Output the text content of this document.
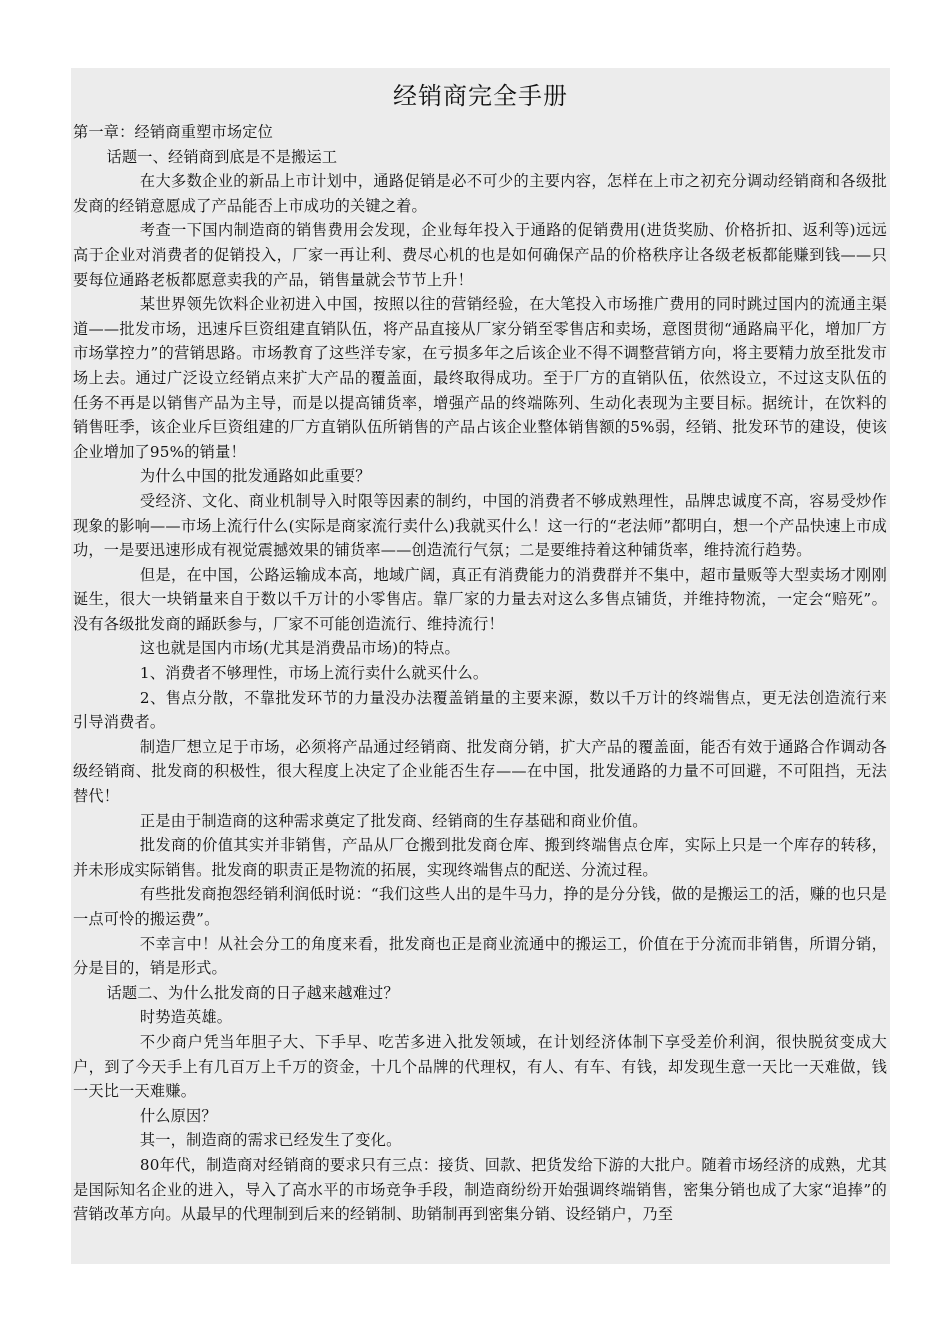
经销商完全手册

第一章：经销商重塑市场定位

话题一、经销商到底是不是搬运工

在大多数企业的新品上市计划中，通路促销是必不可少的主要内容，怎样在上市之初充分调动经销商和各级批发商的经销意愿成了产品能否上市成功的关键之着。

考查一下国内制造商的销售费用会发现，企业每年投入于通路的促销费用(进货奖励、价格折扣、返利等)远远高于企业对消费者的促销投入，厂家一再让利、费尽心机的也是如何确保产品的价格秩序让各级老板都能赚到钱——只要每位通路老板都愿意卖我的产品，销售量就会节节上升！

某世界领先饮料企业初进入中国，按照以往的营销经验，在大笔投入市场推广费用的同时跳过国内的流通主渠道——批发市场，迅速斥巨资组建直销队伍，将产品直接从厂家分销至零售店和卖场，意图贯彻“通路扁平化，增加厂方市场掌控力”的营销思路。市场教育了这些洋专家，在亏损多年之后该企业不得不调整营销方向，将主要精力放至批发市场上去。通过广泛设立经销点来扩大产品的覆盖面，最终取得成功。至于厂方的直销队伍，依然设立，不过这支队伍的任务不再是以销售产品为主导，而是以提高铺货率，增强产品的终端陈列、生动化表现为主要目标。据统计，在饮料的销售旺季，该企业斥巨资组建的厂方直销队伍所销售的产品占该企业整体销售额的5%弱，经销、批发环节的建设，使该企业增加了95%的销量！

为什么中国的批发通路如此重要？

受经济、文化、商业机制导入时限等因素的制约，中国的消费者不够成熟理性，品牌忠诚度不高，容易受炒作现象的影响——市场上流行什么(实际是商家流行卖什么)我就买什么！这一行的“老法师”都明白，想一个产品快速上市成功，一是要迅速形成有视觉震撼效果的铺货率——创造流行气氛；二是要维持着这种铺货率，维持流行趋势。

但是，在中国，公路运输成本高，地域广阔，真正有消费能力的消费群并不集中，超市量贩等大型卖场才刚刚诞生，很大一块销量来自于数以千万计的小零售店。靠厂家的力量去对这么多售点铺货，并维持物流，一定会“赔死”。没有各级批发商的踊跃参与，厂家不可能创造流行、维持流行！

这也就是国内市场(尤其是消费品市场)的特点。

1、消费者不够理性，市场上流行卖什么就买什么。

2、售点分散，不靠批发环节的力量没办法覆盖销量的主要来源，数以千万计的终端售点，更无法创造流行来引导消费者。

制造厂想立足于市场，必须将产品通过经销商、批发商分销，扩大产品的覆盖面，能否有效于通路合作调动各级经销商、批发商的积极性，很大程度上决定了企业能否生存——在中国，批发通路的力量不可回避，不可阻挡，无法替代！

正是由于制造商的这种需求奠定了批发商、经销商的生存基础和商业价值。

批发商的价值其实并非销售，产品从厂仓搬到批发商仓库、搬到终端售点仓库，实际上只是一个库存的转移，并未形成实际销售。批发商的职责正是物流的拓展，实现终端售点的配送、分流过程。

有些批发商抱怨经销利润低时说：“我们这些人出的是牛马力，挣的是分分钱，做的是搬运工的活，赚的也只是一点可怜的搬运费”。

不幸言中！从社会分工的角度来看，批发商也正是商业流通中的搬运工，价值在于分流而非销售，所谓分销，分是目的，销是形式。

话题二、为什么批发商的日子越来越难过？

时势造英雄。

不少商户凭当年胆子大、下手早、吃苦多进入批发领域，在计划经济体制下享受差价利润，很快脱贫变成大户，到了今天手上有几百万上千万的资金，十几个品牌的代理权，有人、有车、有钱，却发现生意一天比一天难做，钱一天比一天难赚。

什么原因？

其一，制造商的需求已经发生了变化。

80年代，制造商对经销商的要求只有三点：接货、回款、把货发给下游的大批户。随着市场经济的成熟，尤其是国际知名企业的进入，导入了高水平的市场竞争手段，制造商纷纷开始强调终端销售，密集分销也成了大家“追捧”的营销改革方向。从最早的代理制到后来的经销制、助销制再到密集分销、设经销户，乃至
